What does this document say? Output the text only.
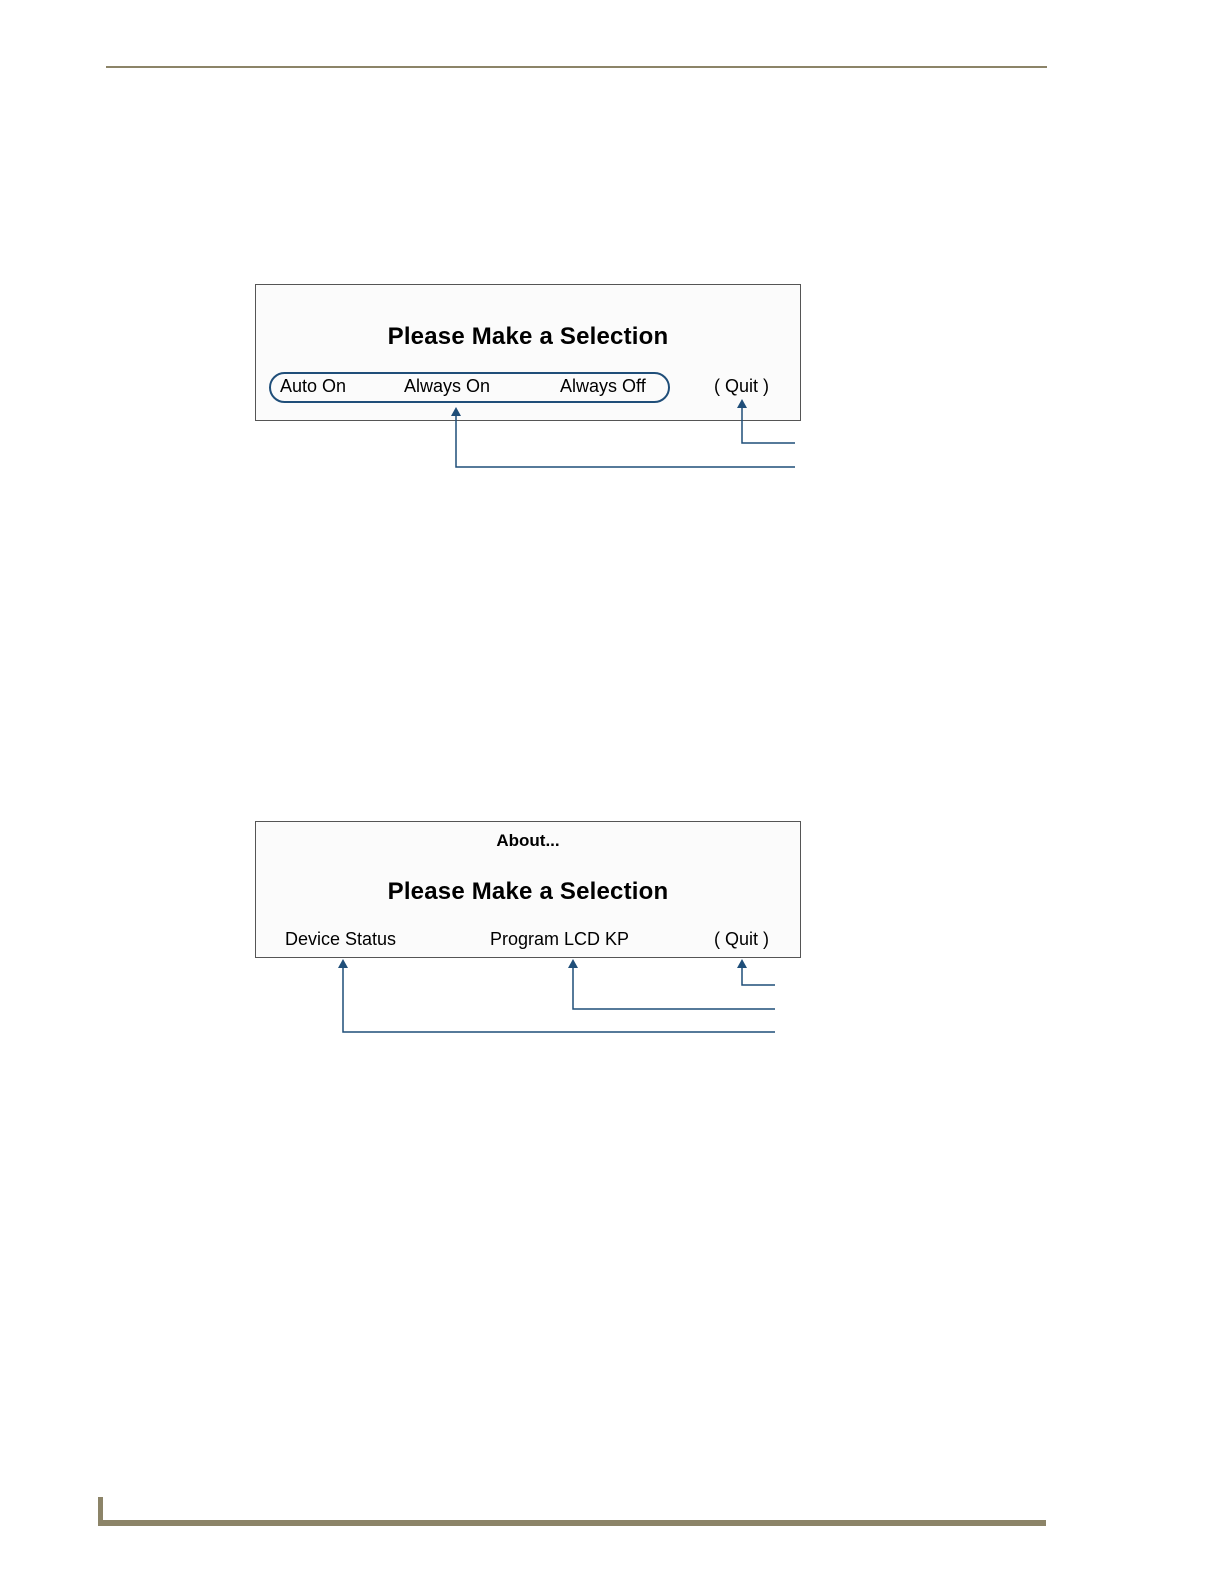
Please Make a Selection
Auto On	Always On	Always Off	( Quit )
About...
Please Make a Selection
Device Status	Program LCD KP	( Quit )
